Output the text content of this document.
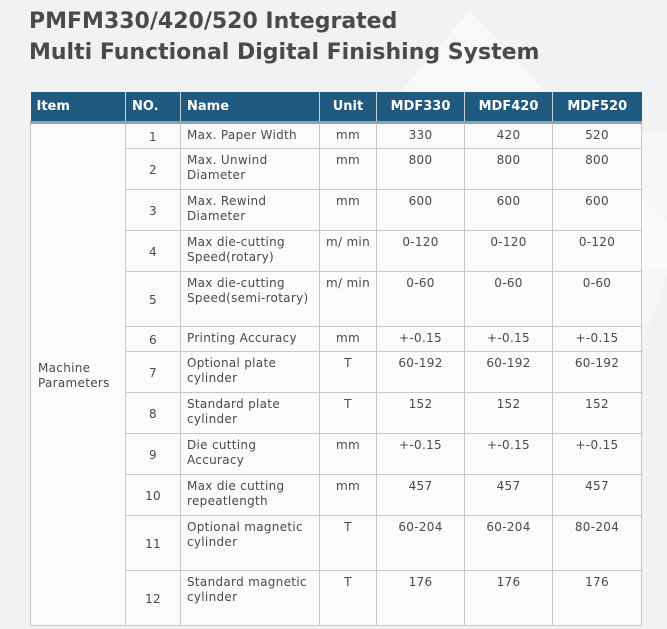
PMFM330/420/520 Integrated
Multi Functional Digital Finishing System
Item	NO.	Name	Unit	MDF330	MDF420	MDF520
Machine Parameters	1	Max. Paper Width	mm	330	420	520
	2	Max. Unwind Diameter	mm	800	800	800
	3	Max. Rewind Diameter	mm	600	600	600
	4	Max die-cutting Speed(rotary)	m/ min	0-120	0-120	0-120
	5	Max die-cutting Speed(semi-rotary)	m/ min	0-60	0-60	0-60
	6	Printing Accuracy	mm	+-0.15	+-0.15	+-0.15
	7	Optional plate cylinder	T	60-192	60-192	60-192
	8	Standard plate cylinder	T	152	152	152
	9	Die cutting Accuracy	mm	+-0.15	+-0.15	+-0.15
	10	Max die cutting repeatlength	mm	457	457	457
	11	Optional magnetic cylinder	T	60-204	60-204	80-204
	12	Standard magnetic cylinder	T	176	176	176
